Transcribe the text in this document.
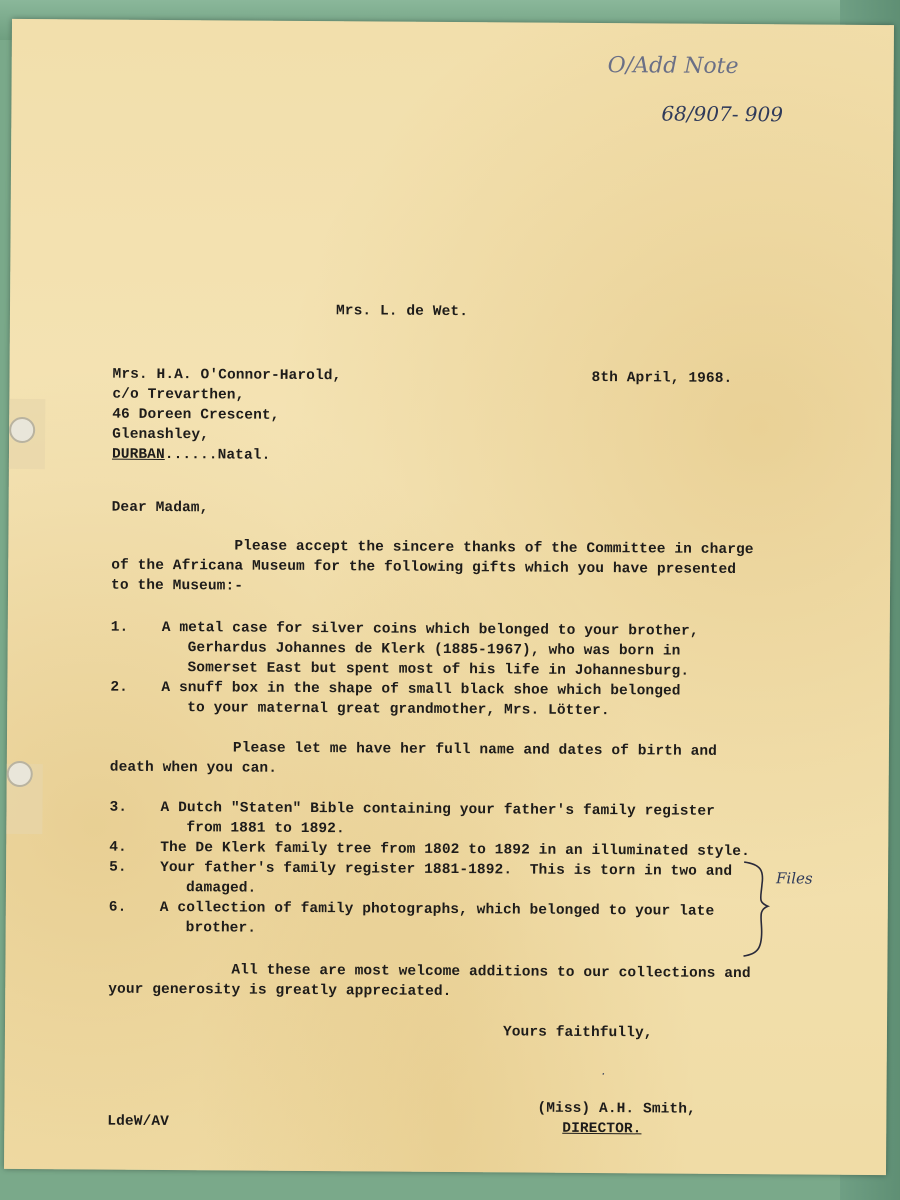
O/Add Note
68/907- 909
Mrs. L. de Wet.
Mrs. H.A. O'Connor-Harold,
c/o Trevarthen,
46 Doreen Crescent,
Glenashley,
DURBAN......Natal.
8th April, 1968.
Dear Madam,
Please accept the sincere thanks of the Committee in charge
of the Africana Museum for the following gifts which you have presented
to the Museum:-
1. A metal case for silver coins which belonged to your brother,
Gerhardus Johannes de Klerk (1885-1967), who was born in
Somerset East but spent most of his life in Johannesburg.
2. A snuff box in the shape of small black shoe which belonged
to your maternal great grandmother, Mrs. Lötter.
Please let me have her full name and dates of birth and
death when you can.
3. A Dutch "Staten" Bible containing your father's family register
from 1881 to 1892.
4. The De Klerk family tree from 1802 to 1892 in an illuminated style.
5. Your father's family register 1881-1892.  This is torn in two and
damaged.
6. A collection of family photographs, which belonged to your late
brother.
Files
All these are most welcome additions to our collections and
your generosity is greatly appreciated.
Yours faithfully,
⸱
(Miss) A.H. Smith,
DIRECTOR.
LdeW/AV
